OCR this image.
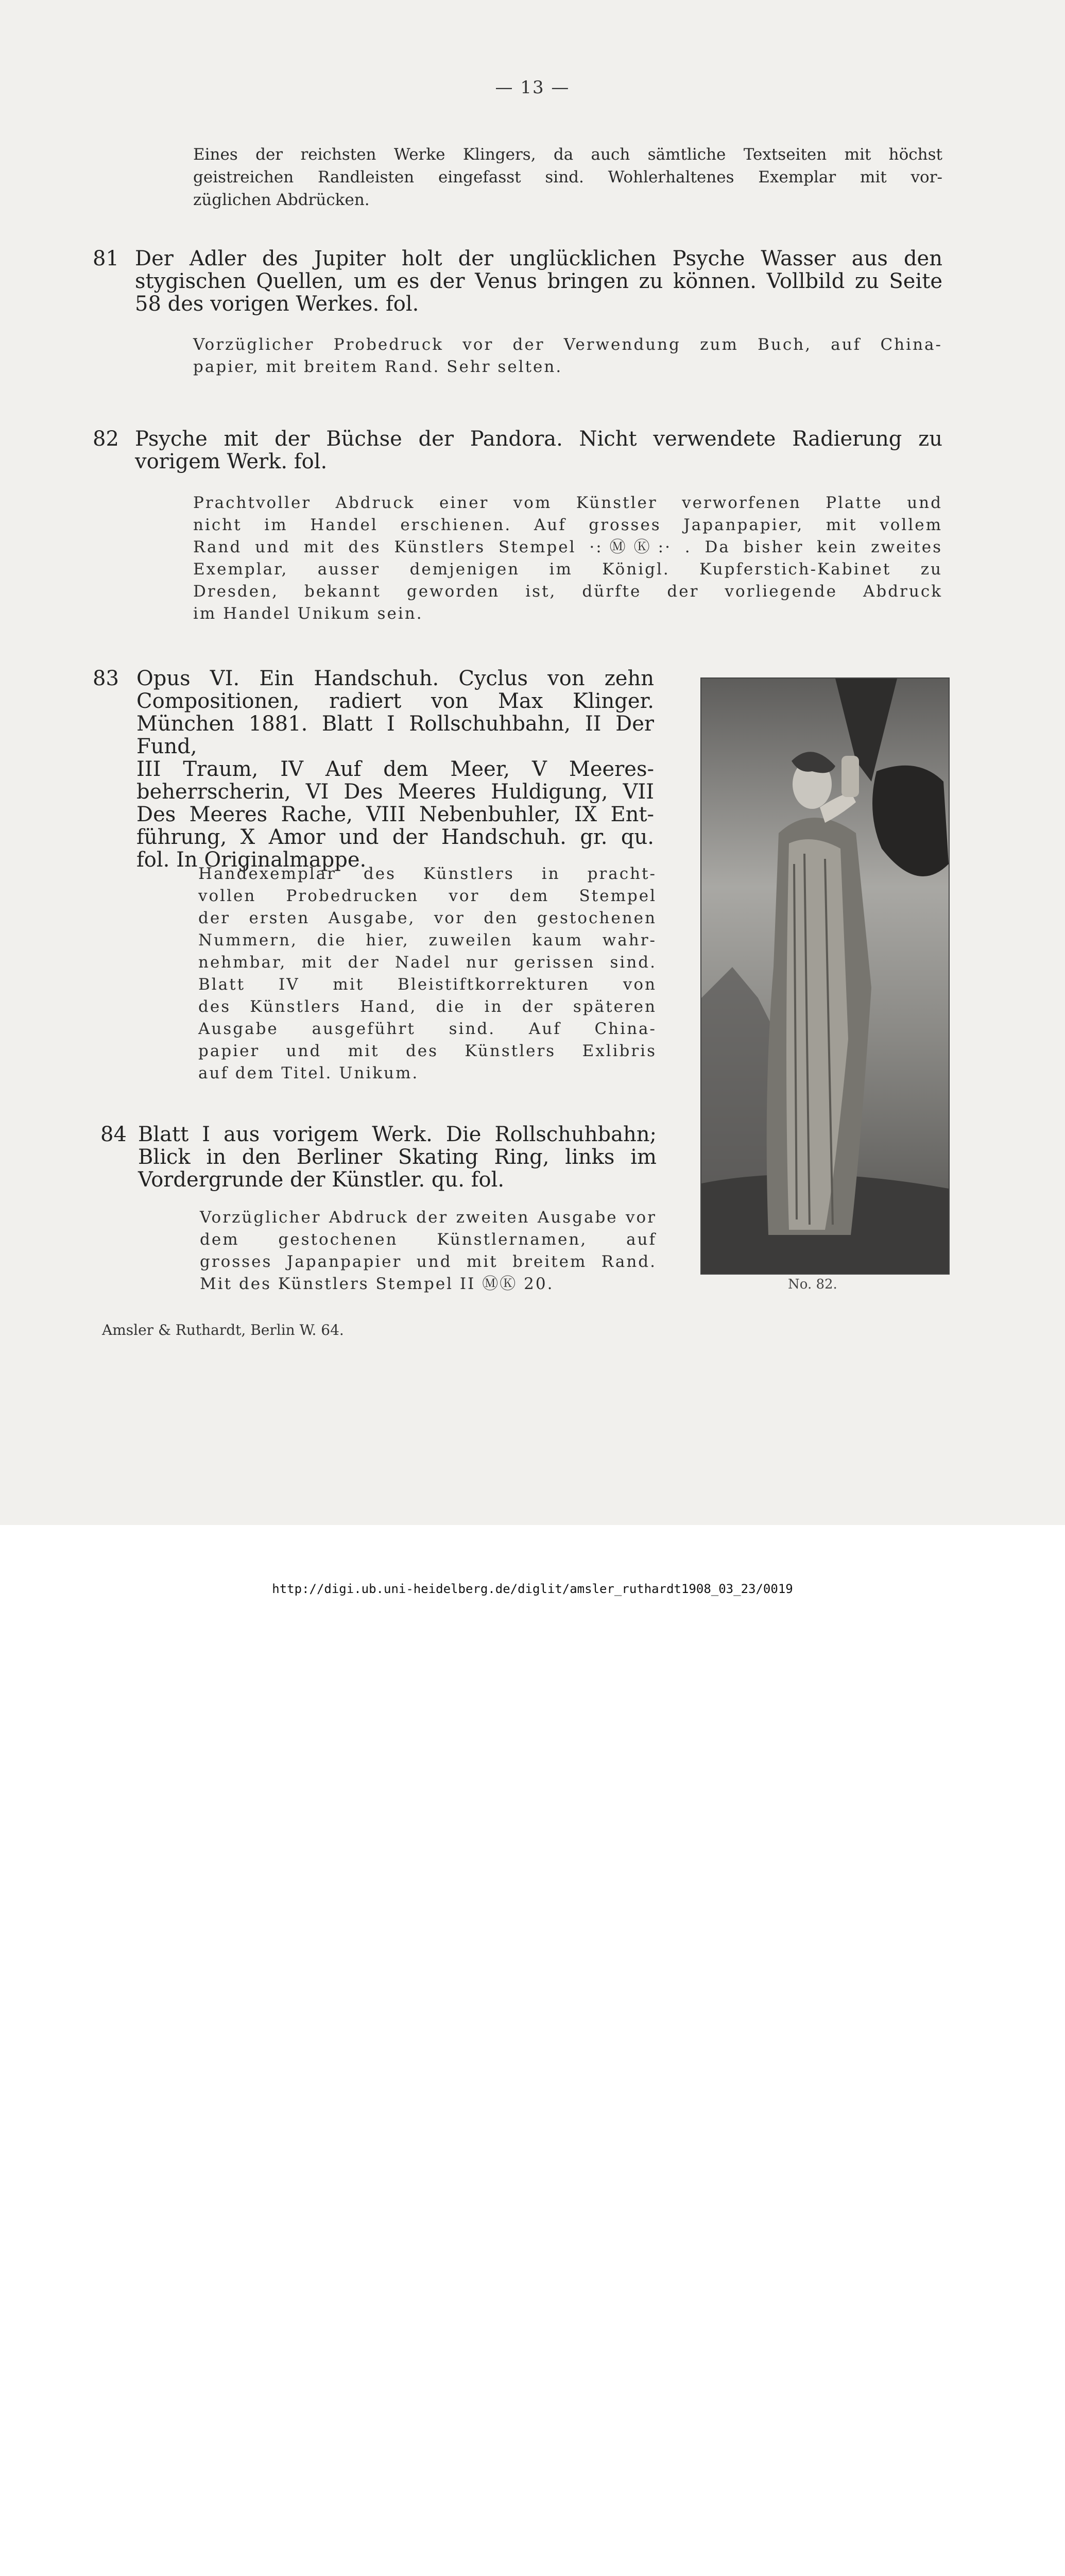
— 13 —
Eines der reichsten Werke Klingers, da auch sämtliche Textseiten mit höchst
geistreichen Randleisten eingefasst sind. Wohlerhaltenes Exemplar mit vor-
züglichen Abdrücken.
81 Der Adler des Jupiter holt der unglücklichen Psyche Wasser aus den
stygischen Quellen, um es der Venus bringen zu können. Vollbild zu Seite
58 des vorigen Werkes. fol.
Vorzüglicher Probedruck vor der Verwendung zum Buch, auf China-
papier, mit breitem Rand. Sehr selten.
82 Psyche mit der Büchse der Pandora. Nicht verwendete Radierung zu
vorigem Werk. fol.
Prachtvoller Abdruck einer vom Künstler verworfenen Platte und
nicht im Handel erschienen. Auf grosses Japanpapier, mit vollem
Rand und mit des Künstlers Stempel ·:ⓂⓀ:· . Da bisher kein zweites
Exemplar, ausser demjenigen im Königl. Kupferstich-Kabinet zu
Dresden, bekannt geworden ist, dürfte der vorliegende Abdruck
im Handel Unikum sein.
83 Opus VI. Ein Handschuh. Cyclus von zehn
Compositionen, radiert von Max Klinger.
München 1881. Blatt I Rollschuhbahn, II Der Fund,
III Traum, IV Auf dem Meer, V Meeres-
beherrscherin, VI Des Meeres Huldigung, VII
Des Meeres Rache, VIII Nebenbuhler, IX Ent-
führung, X Amor und der Handschuh. gr. qu.
fol. In Originalmappe.
Handexemplar des Künstlers in pracht-
vollen Probedrucken vor dem Stempel
der ersten Ausgabe, vor den gestochenen
Nummern, die hier, zuweilen kaum wahr-
nehmbar, mit der Nadel nur gerissen sind.
Blatt IV mit Bleistiftkorrekturen von
des Künstlers Hand, die in der späteren
Ausgabe ausgeführt sind. Auf China-
papier und mit des Künstlers Exlibris
auf dem Titel. Unikum.
84 Blatt I aus vorigem Werk. Die Rollschuhbahn;
Blick in den Berliner Skating Ring, links im
Vordergrunde der Künstler. qu. fol.
Vorzüglicher Abdruck der zweiten Ausgabe vor
dem gestochenen Künstlernamen, auf
grosses Japanpapier und mit breitem Rand.
Mit des Künstlers Stempel II ⓂⓀ 20.	No. 82.
Amsler & Ruthardt, Berlin W. 64.
http://digi.ub.uni-heidelberg.de/diglit/amsler_ruthardt1908_03_23/0019
